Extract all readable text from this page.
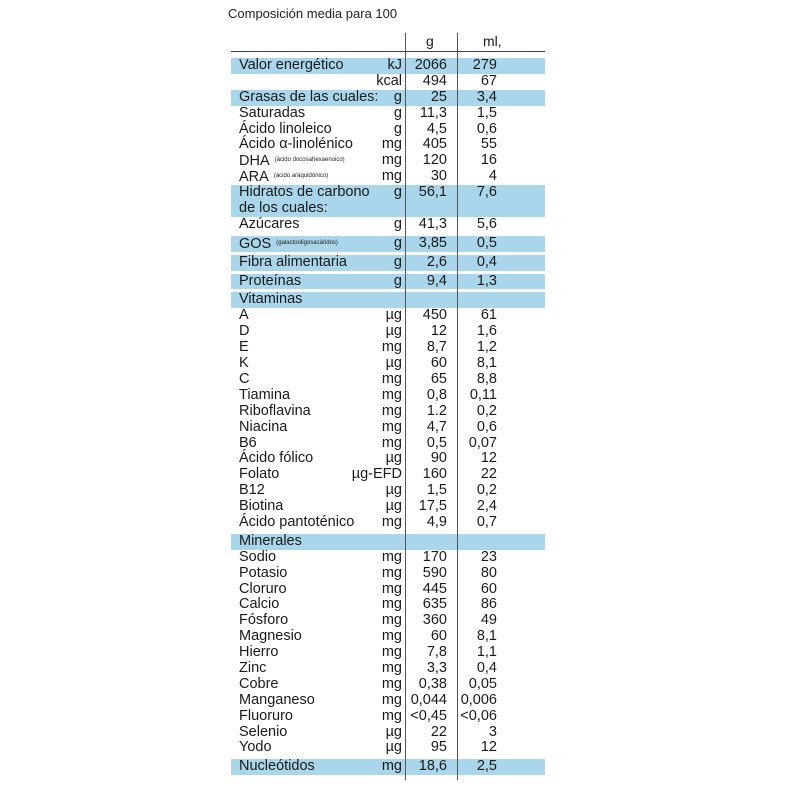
Composición media para 100
g	ml,
Valor energético	kJ 2066 279
kcal 494 67
Grasas de las cuales: g 25 3,4
Saturadas	g 11,3 1,5
Ácido linoleico	g 4,5 0,6
Ácido α-linolénico mg 405 55
DHA (ácido docosahexaenoico)	mg 120 16
ARA (ácido araquidónico)	mg 30	4
Hidratos de carbono
de los cuales:
g 56,1 7,6
Azúcares	g 41,3 5,6
GOS (galactooligosacáridos)	g 3,85 0,5
Fibra alimentaria	g 2,6 0,4
Proteínas	g 9,4 1,3
Vitaminas
A	µg 450 61
D	µg 12 1,6
E	mg 8,7 1,2
K	µg 60 8,1
C	mg 65 8,8
Tiamina	mg 0,8 0,11
Riboflavina	mg 1.2 0,2
Niacina	mg 4,7 0,6
B6	mg 0,5 0,07
Ácido fólico	µg 90 12
Folato	µg-EFD 160 22
B12	µg 1,5 0,2
Biotina	µg 17,5 2,4
Ácido pantoténico mg 4,9 0,7
Minerales
Sodio	mg 170 23
Potasio	mg 590 80
Cloruro	mg 445 60
Calcio	mg 635 86
Fósforo	mg 360 49
Magnesio	mg 60 8,1
Hierro	mg 7,8 1,1
Zinc	mg 3,3 0,4
Cobre	mg 0,38 0,05
Manganeso	mg 0,044 0,006
Fluoruro	mg <0,45 <0,06
Selenio	µg 22	3
Yodo	µg 95 12
Nucleótidos	mg 18,6 2,5
